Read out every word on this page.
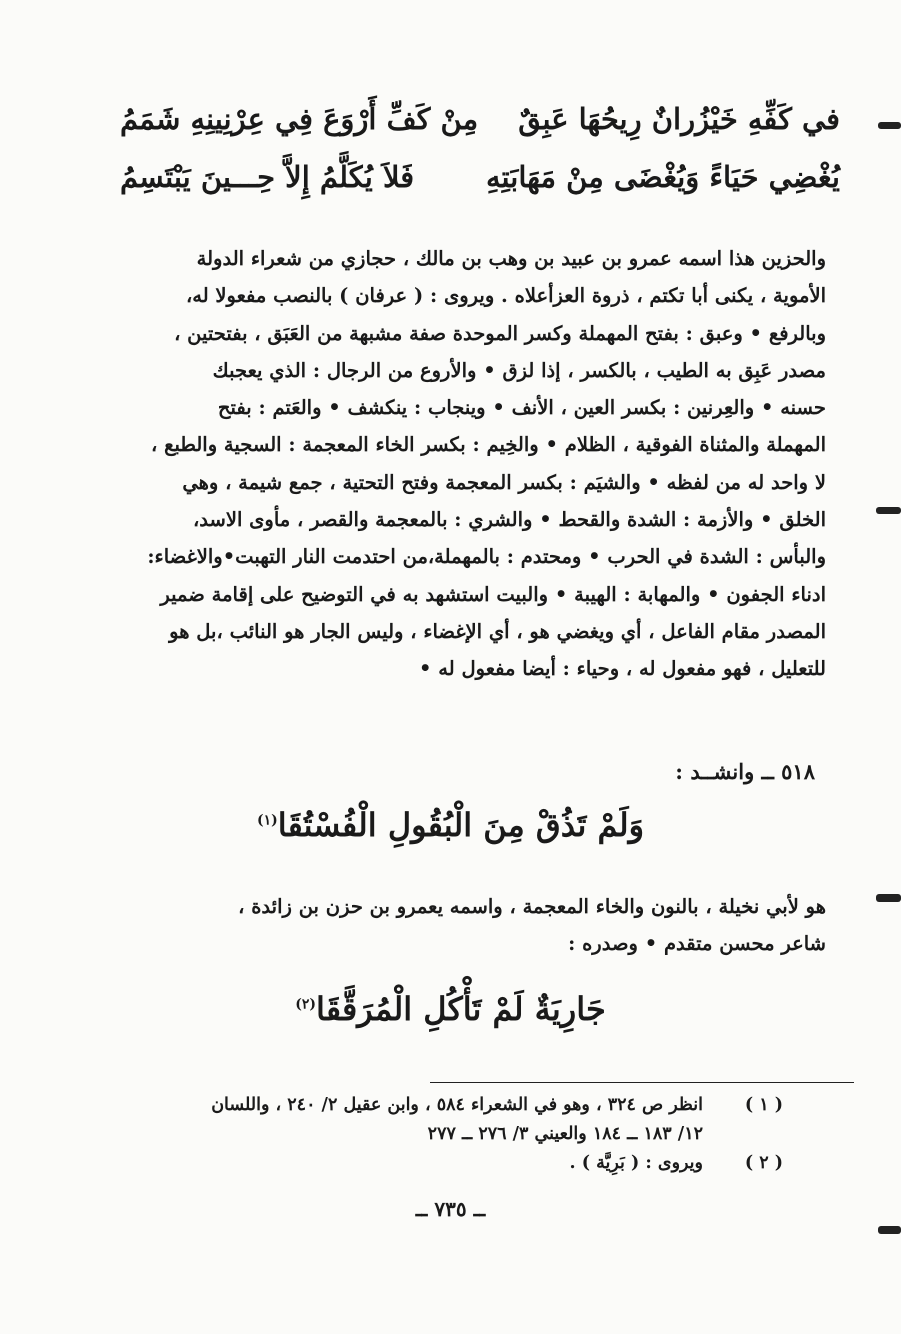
في كَفِّهِ خَيْزُرانٌ رِيحُهَا عَبِقٌ
مِنْ كَفِّ أَرْوَعَ فِي عِرْنِينِهِ شَمَمُ
يُغْضِي حَيَاءً وَيُغْضَى مِنْ مَهَابَتِهِ
فَلاَ يُكَلَّمُ إِلاَّ حِـــينَ يَبْتَسِمُ

والحزين هذا اسمه عمرو بن عبيد بن وهب بن مالك ، حجازي من شعراء الدولة

الأموية ، يكنى أبا تكتم ، ذروة العزأعلاه . ويروى : ( عرفان ) بالنصب مفعولا له،

وبالرفع • وعبق : بفتح المهملة وكسر الموحدة صفة مشبهة من العَبَق ، بفتحتين ،

مصدر عَبِق به الطيب ، بالكسر ، إذا لزق • والأروع من الرجال : الذي يعجبك

حسنه • والعِرنين : بكسر العين ، الأنف • وينجاب : ينكشف • والعَتم : بفتح

المهملة والمثناة الفوقية ، الظلام • والخِيم : بكسر الخاء المعجمة : السجية والطبع ،

لا واحد له من لفظه • والشيَم : بكسر المعجمة وفتح التحتية ، جمع شيمة ، وهي

الخلق • والأزمة : الشدة والقحط • والشري : بالمعجمة والقصر ، مأوى الاسد،

والبأس : الشدة في الحرب • ومحتدم : بالمهملة،من احتدمت النار التهبت•والاغضاء:

ادناء الجفون • والمهابة : الهيبة • والبيت استشهد به في التوضيح على إقامة ضمير

المصدر مقام الفاعل ، أي ويغضي هو ، أي الإغضاء ، وليس الجار هو النائب ،بل هو

للتعليل ، فهو مفعول له ، وحياء : أيضا مفعول له •

٥١٨ ــ وانشــد :
وَلَمْ تَذُقْ مِنَ الْبُقُولِ الْفُسْتُقَا$^{(١)}$

هو لأبي نخيلة ، بالنون والخاء المعجمة ، واسمه يعمرو بن حزن بن زائدة ،

شاعر محسن متقدم • وصدره :

جَارِيَةٌ لَمْ تَأْكُلِ الْمُرَقَّقَا$^{(٢)}$
( ١ )
انظر ص ٣٢٤ ، وهو في الشعراء ٥٨٤ ، وابن عقيل ٢/ ٢٤٠ ، واللسان
١٢/ ١٨٣ ــ ١٨٤ والعيني ٣/ ٢٧٦ ــ ٢٧٧
( ٢ )
ويروى : ( بَرِيَّة ) .
ــ ٧٣٥ ــ
